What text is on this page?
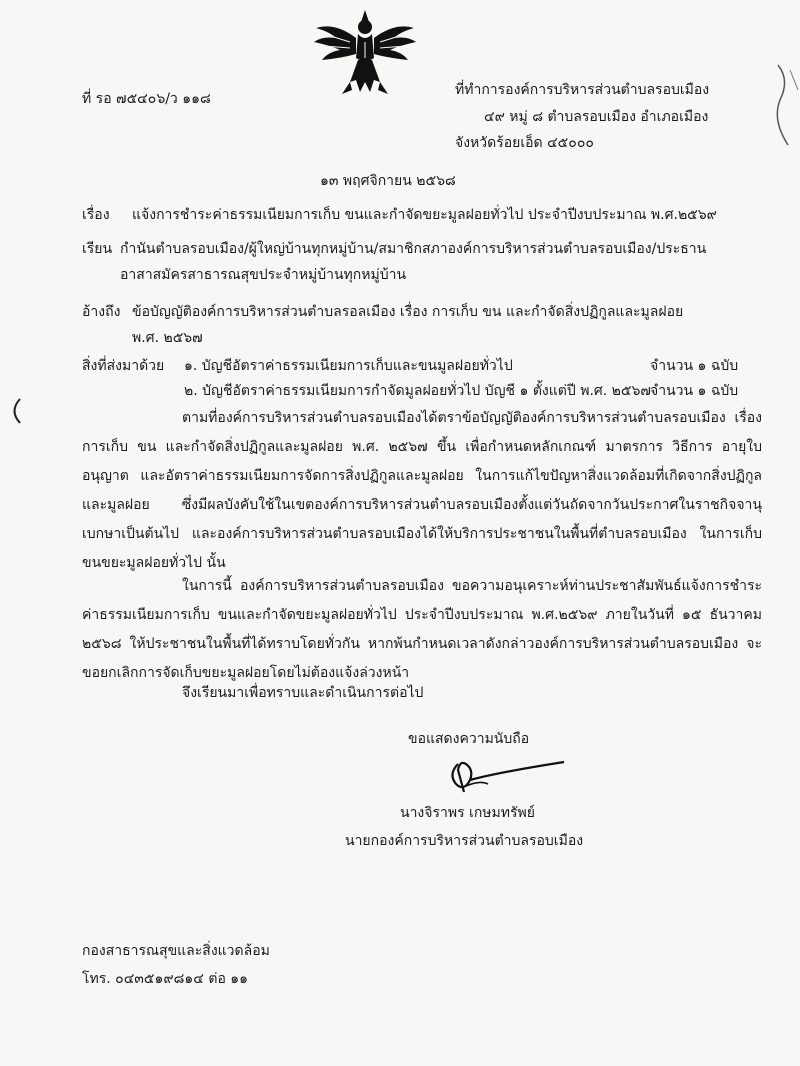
ที่ รอ ๗๕๔๐๖/ว ๑๑๘
ที่ทำการองค์การบริหารส่วนตำบลรอบเมือง
๔๙ หมู่ ๘ ตำบลรอบเมือง อำเภอเมือง
จังหวัดร้อยเอ็ด ๔๕๐๐๐
๑๓ พฤศจิกายน ๒๕๖๘
เรื่อง แจ้งการชำระค่าธรรมเนียมการเก็บ ขนและกำจัดขยะมูลฝอยทั่วไป ประจำปีงบประมาณ พ.ศ.๒๕๖๙
เรียน กำนันตำบลรอบเมือง/ผู้ใหญ่บ้านทุกหมู่บ้าน/สมาชิกสภาองค์การบริหารส่วนตำบลรอบเมือง/ประธาน
อาสาสมัครสาธารณสุขประจำหมู่บ้านทุกหมู่บ้าน
อ้างถึง ข้อบัญญัติองค์การบริหารส่วนตำบลรอลเมือง เรื่อง การเก็บ ขน และกำจัดสิ่งปฏิกูลและมูลฝอย
พ.ศ. ๒๕๖๗
สิ่งที่ส่งมาด้วย ๑. บัญชีอัตราค่าธรรมเนียมการเก็บและขนมูลฝอยทั่วไป	จำนวน ๑ ฉบับ
๒. บัญชีอัตราค่าธรรมเนียมการกำจัดมูลฝอยทั่วไป บัญชี ๑ ตั้งแต่ปี พ.ศ. ๒๕๖๗ จำนวน ๑ ฉบับ
ตามที่องค์การบริหารส่วนตำบลรอบเมืองได้ตราข้อบัญญัติองค์การบริหารส่วนตำบลรอบเมือง เรื่อง การเก็บ ขน และกำจัดสิ่งปฏิกูลและมูลฝอย พ.ศ. ๒๕๖๗ ขึ้น เพื่อกำหนดหลักเกณฑ์ มาตรการ วิธีการ อายุใบอนุญาต และอัตราค่าธรรมเนียมการจัดการสิ่งปฏิกูลและมูลฝอย ในการแก้ไขปัญหาสิ่งแวดล้อมที่เกิดจากสิ่งปฏิกูลและมูลฝอย ซึ่งมีผลบังคับใช้ในเขตองค์การบริหารส่วนตำบลรอบเมืองตั้งแต่วันถัดจากวันประกาศในราชกิจจานุเบกษาเป็นต้นไป และองค์การบริหารส่วนตำบลรอบเมืองได้ให้บริการประชาชนในพื้นที่ตำบลรอบเมือง ในการเก็บขนขยะมูลฝอยทั่วไป นั้น
ในการนี้ องค์การบริหารส่วนตำบลรอบเมือง ขอความอนุเคราะห์ท่านประชาสัมพันธ์แจ้งการชำระค่าธรรมเนียมการเก็บ ขนและกำจัดขยะมูลฝอยทั่วไป ประจำปีงบประมาณ พ.ศ.๒๕๖๙ ภายในวันที่ ๑๕ ธันวาคม ๒๕๖๘ ให้ประชาชนในพื้นที่ได้ทราบโดยทั่วกัน หากพ้นกำหนดเวลาดังกล่าวองค์การบริหารส่วนตำบลรอบเมือง จะขอยกเลิกการจัดเก็บขยะมูลฝอยโดยไม่ต้องแจ้งล่วงหน้า
จึงเรียนมาเพื่อทราบและดำเนินการต่อไป
ขอแสดงความนับถือ
นางจิราพร เกษมทรัพย์
นายกองค์การบริหารส่วนตำบลรอบเมือง
กองสาธารณสุขและสิ่งแวดล้อม
โทร. ๐๔๓๕๑๙๘๑๔ ต่อ ๑๑
